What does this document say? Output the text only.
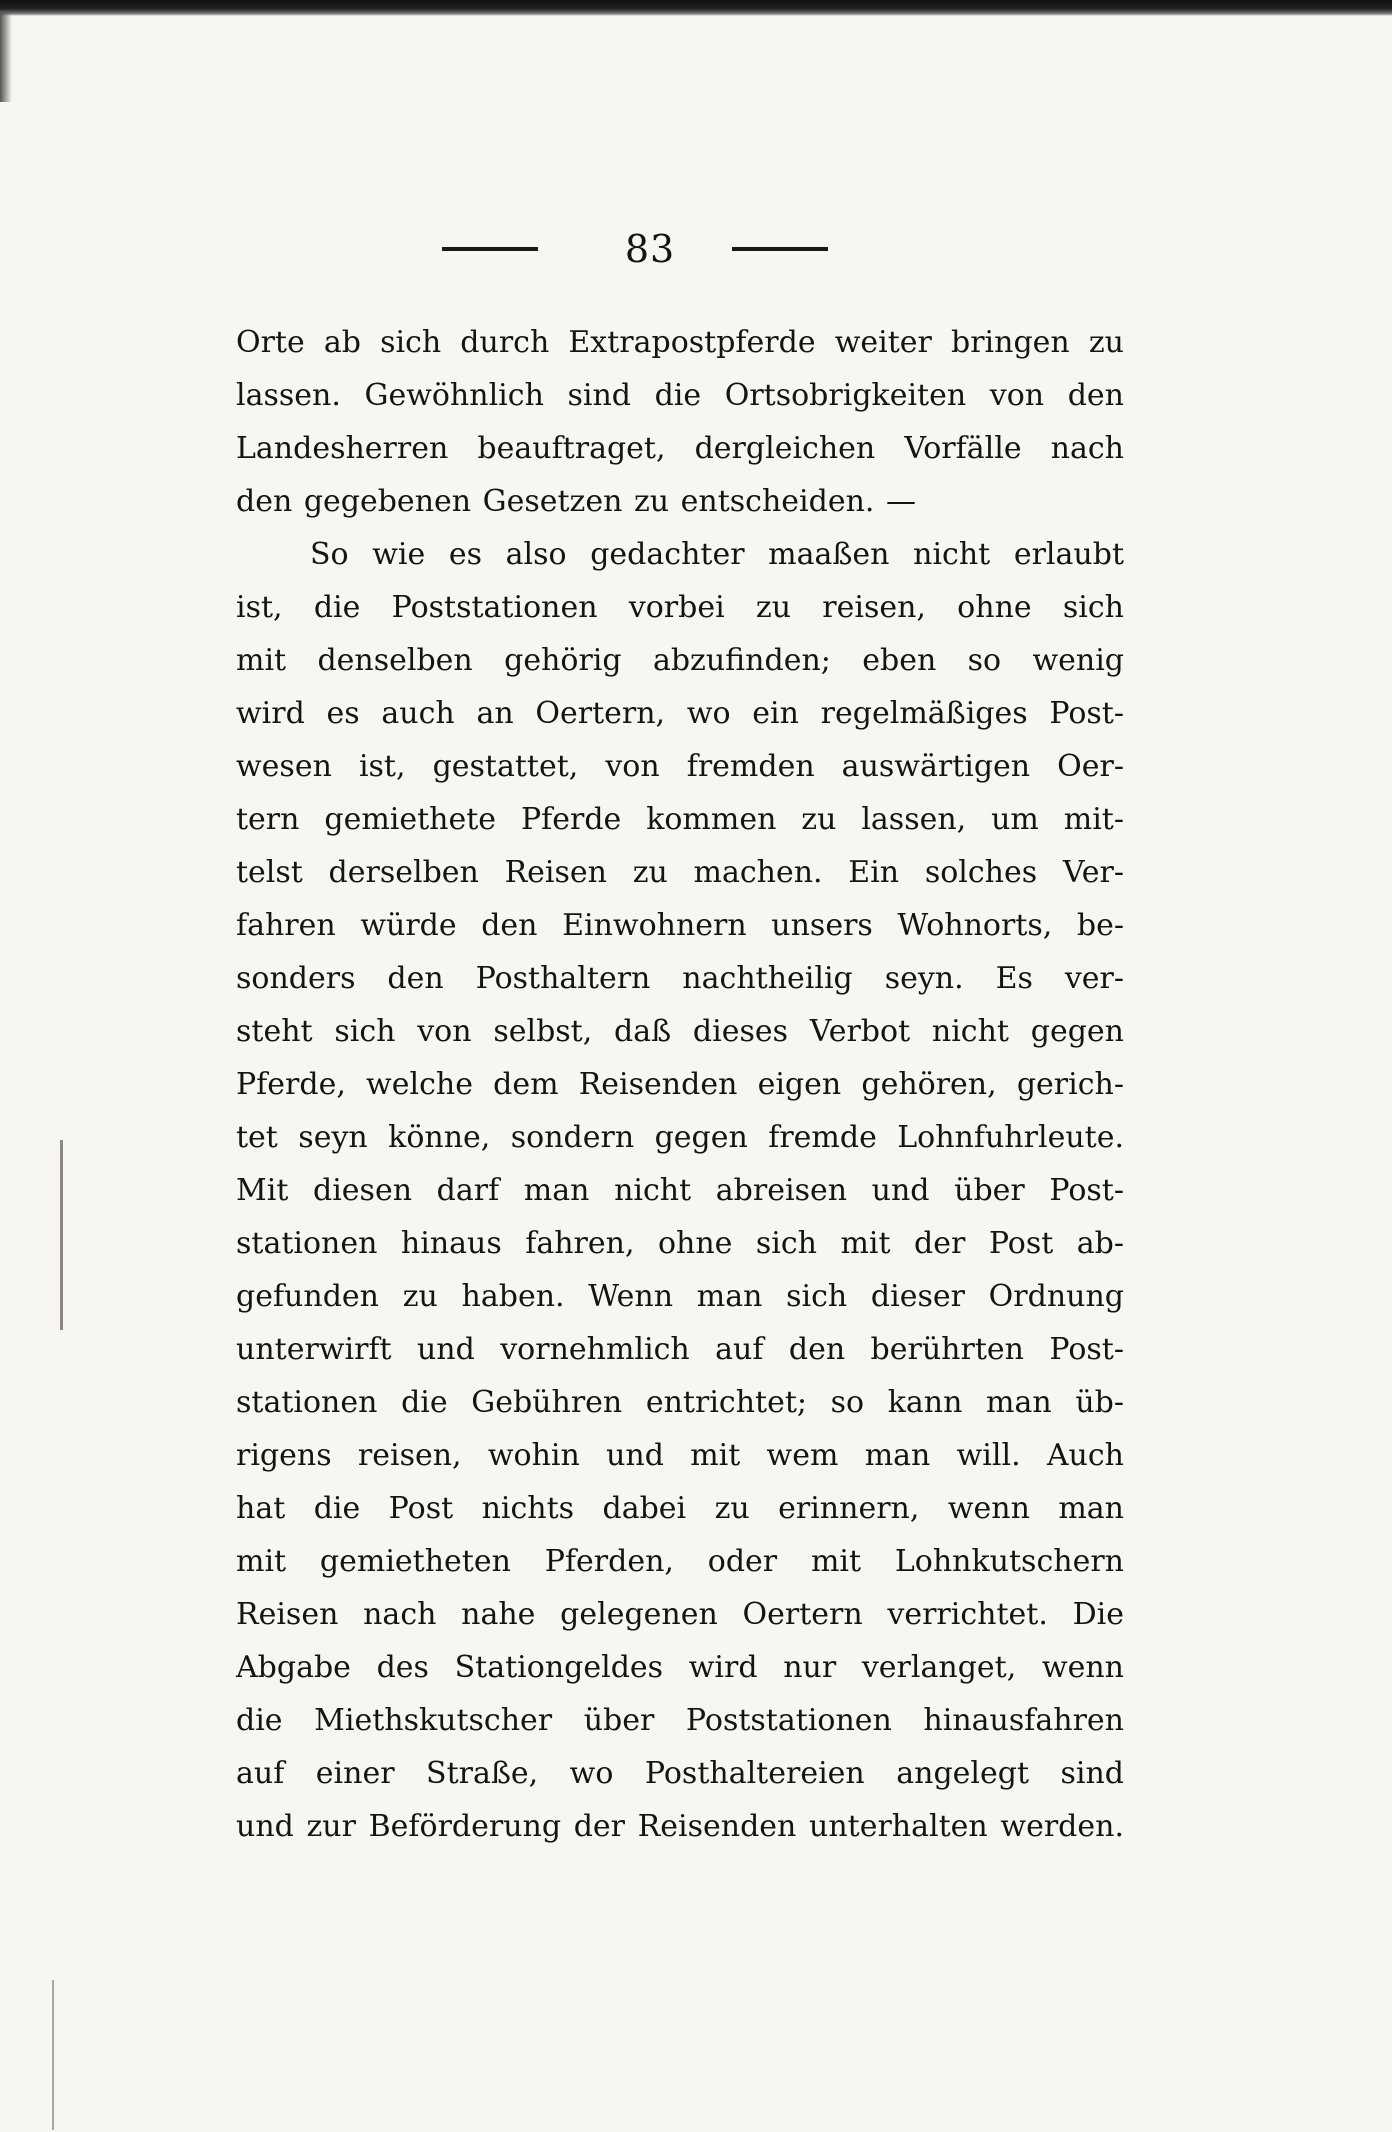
83
Orte ab sich durch Extrapostpferde weiter bringen zu
lassen. Gewöhnlich sind die Ortsobrigkeiten von den
Landesherren beauftraget, dergleichen Vorfälle nach
den gegebenen Gesetzen zu entscheiden. —
So wie es also gedachter maaßen nicht erlaubt
ist, die Poststationen vorbei zu reisen, ohne sich
mit denselben gehörig abzufinden; eben so wenig
wird es auch an Oertern, wo ein regelmäßiges Post-
wesen ist, gestattet, von fremden auswärtigen Oer-
tern gemiethete Pferde kommen zu lassen, um mit-
telst derselben Reisen zu machen. Ein solches Ver-
fahren würde den Einwohnern unsers Wohnorts, be-
sonders den Posthaltern nachtheilig seyn. Es ver-
steht sich von selbst, daß dieses Verbot nicht gegen
Pferde, welche dem Reisenden eigen gehören, gerich-
tet seyn könne, sondern gegen fremde Lohnfuhrleute.
Mit diesen darf man nicht abreisen und über Post-
stationen hinaus fahren, ohne sich mit der Post ab-
gefunden zu haben. Wenn man sich dieser Ordnung
unterwirft und vornehmlich auf den berührten Post-
stationen die Gebühren entrichtet; so kann man üb-
rigens reisen, wohin und mit wem man will. Auch
hat die Post nichts dabei zu erinnern, wenn man
mit gemietheten Pferden, oder mit Lohnkutschern
Reisen nach nahe gelegenen Oertern verrichtet. Die
Abgabe des Stationgeldes wird nur verlanget, wenn
die Miethskutscher über Poststationen hinausfahren
auf einer Straße, wo Posthaltereien angelegt sind
und zur Beförderung der Reisenden unterhalten werden.
